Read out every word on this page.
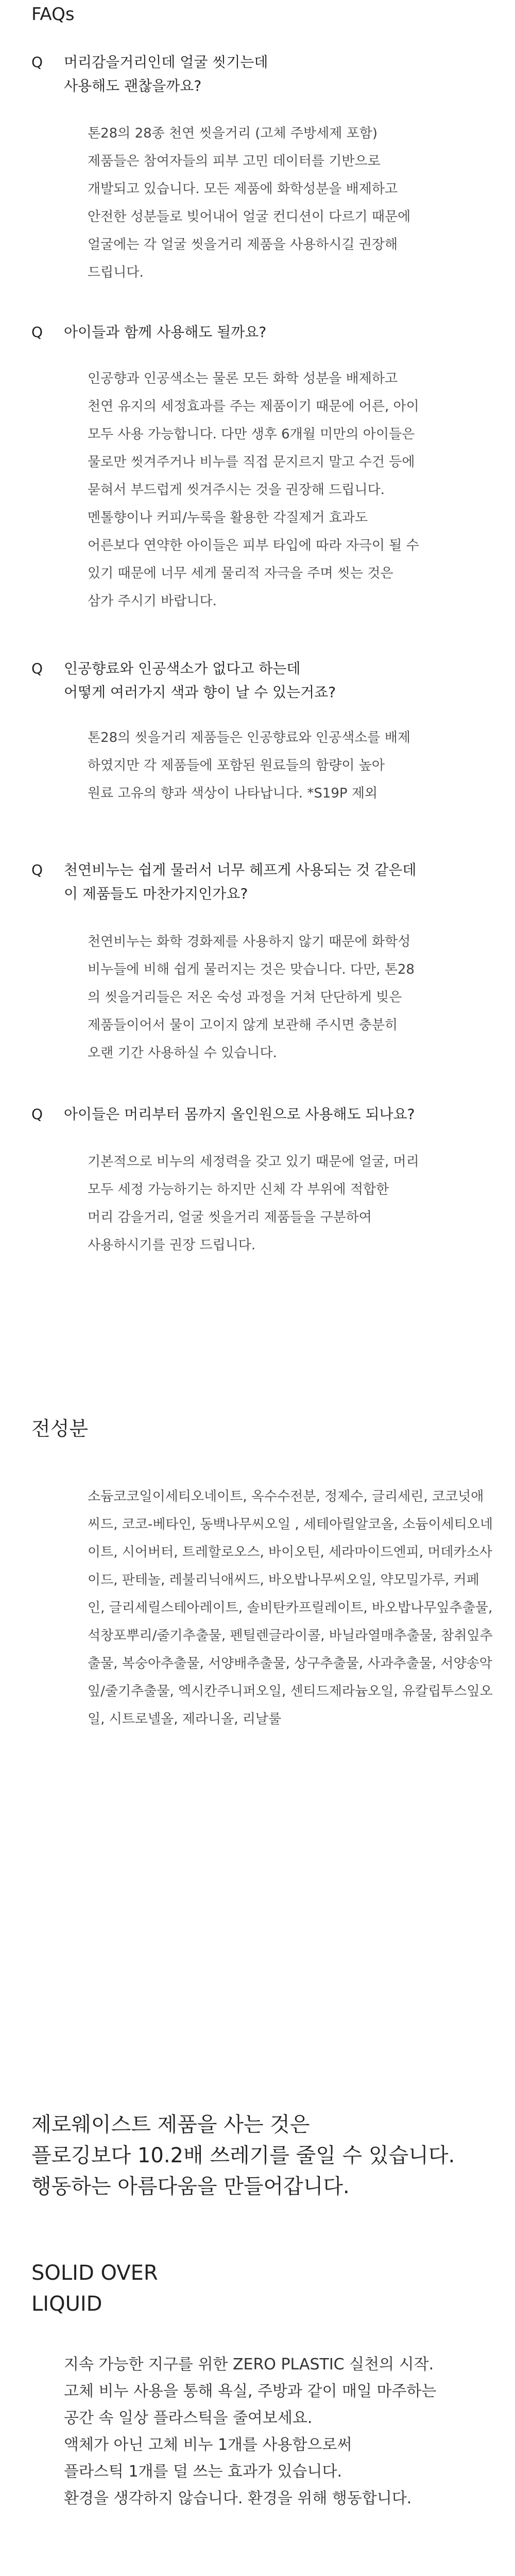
FAQs
Q 머리감을거리인데 얼굴 씻기는데
사용해도 괜찮을까요?
톤28의 28종 천연 씻을거리 (고체 주방세제 포함)
제품들은 참여자들의 피부 고민 데이터를 기반으로
개발되고 있습니다. 모든 제품에 화학성분을 배제하고
안전한 성분들로 빚어내어 얼굴 컨디션이 다르기 때문에
얼굴에는 각 얼굴 씻을거리 제품을 사용하시길 권장해
드립니다.
Q 아이들과 함께 사용해도 될까요?
인공향과 인공색소는 물론 모든 화학 성분을 배제하고
천연 유지의 세정효과를 주는 제품이기 때문에 어른, 아이
모두 사용 가능합니다. 다만 생후 6개월 미만의 아이들은
물로만 씻겨주거나 비누를 직접 문지르지 말고 수건 등에
묻혀서 부드럽게 씻겨주시는 것을 권장해 드립니다.
멘톨향이나 커피/누룩을 활용한 각질제거 효과도
어른보다 연약한 아이들은 피부 타입에 따라 자극이 될 수
있기 때문에 너무 세게 물리적 자극을 주며 씻는 것은
삼가 주시기 바랍니다.
Q 인공향료와 인공색소가 없다고 하는데
어떻게 여러가지 색과 향이 날 수 있는거죠?
톤28의 씻을거리 제품들은 인공향료와 인공색소를 배제
하였지만 각 제품들에 포함된 원료들의 함량이 높아
원료 고유의 향과 색상이 나타납니다. *S19P 제외
Q 천연비누는 쉽게 물러서 너무 헤프게 사용되는 것 같은데
이 제품들도 마찬가지인가요?
천연비누는 화학 경화제를 사용하지 않기 때문에 화학성
비누들에 비해 쉽게 물러지는 것은 맞습니다. 다만, 톤28
의 씻을거리들은 저온 숙성 과정을 거쳐 단단하게 빚은
제품들이어서 물이 고이지 않게 보관해 주시면 충분히
오랜 기간 사용하실 수 있습니다.
Q 아이들은 머리부터 몸까지 올인원으로 사용해도 되나요?
기본적으로 비누의 세정력을 갖고 있기 때문에 얼굴, 머리
모두 세정 가능하기는 하지만 신체 각 부위에 적합한
머리 감을거리, 얼굴 씻을거리 제품들을 구분하여
사용하시기를 권장 드립니다.
전성분
소듐코코일이세티오네이트, 옥수수전분, 정제수, 글리세린, 코코넛애씨드, 코코-베타인, 동백나무씨오일 , 세테아릴알코올, 소듐이세티오네이트, 시어버터, 트레할로오스, 바이오틴, 세라마이드엔피, 머데카소사이드, 판테놀, 레불리닉애씨드, 바오밥나무씨오일, 약모밀가루, 커페인, 글리세릴스테아레이트, 솔비탄카프릴레이트, 바오밥나무잎추출물, 석창포뿌리/줄기추출물, 펜틸렌글라이콜, 바닐라열매추출물, 참취잎추출물, 복숭아추출물, 서양배추출물, 상구추출물, 사과추출물, 서양송악잎/줄기추출물, 엑시칸주니퍼오일, 센티드제라늄오일, 유칼립투스잎오일, 시트로넬올, 제라니올, 리날룰
제로웨이스트 제품을 사는 것은
플로깅보다 10.2배 쓰레기를 줄일 수 있습니다.
행동하는 아름다움을 만들어갑니다.
SOLID OVER
LIQUID
지속 가능한 지구를 위한 ZERO PLASTIC 실천의 시작.
고체 비누 사용을 통해 욕실, 주방과 같이 매일 마주하는
공간 속 일상 플라스틱을 줄여보세요.
액체가 아닌 고체 비누 1개를 사용함으로써
플라스틱 1개를 덜 쓰는 효과가 있습니다.
환경을 생각하지 않습니다. 환경을 위해 행동합니다.
